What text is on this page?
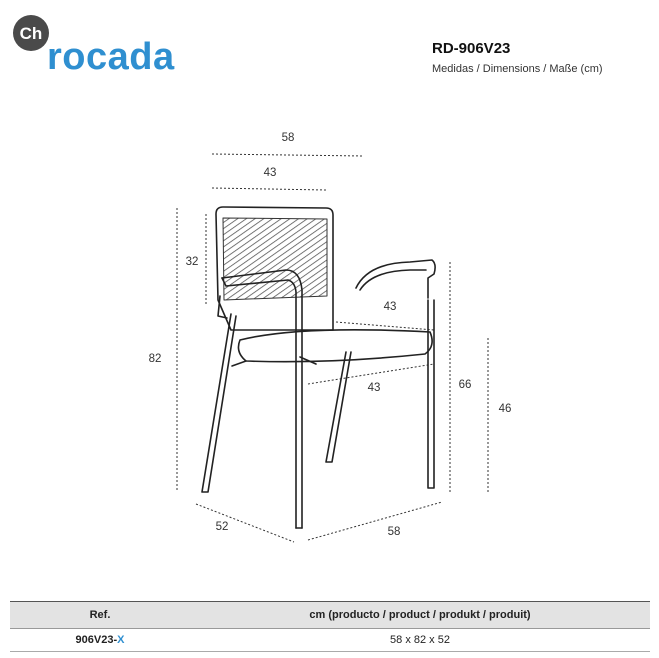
Ch
rocada	RD-906V23
Medidas / Dimensions / Maße (cm)
58
43
32
82
43
43	66
46
52	58
Ref.	cm (producto / product / produkt / produit)
906V23-X	58 x 82 x 52
